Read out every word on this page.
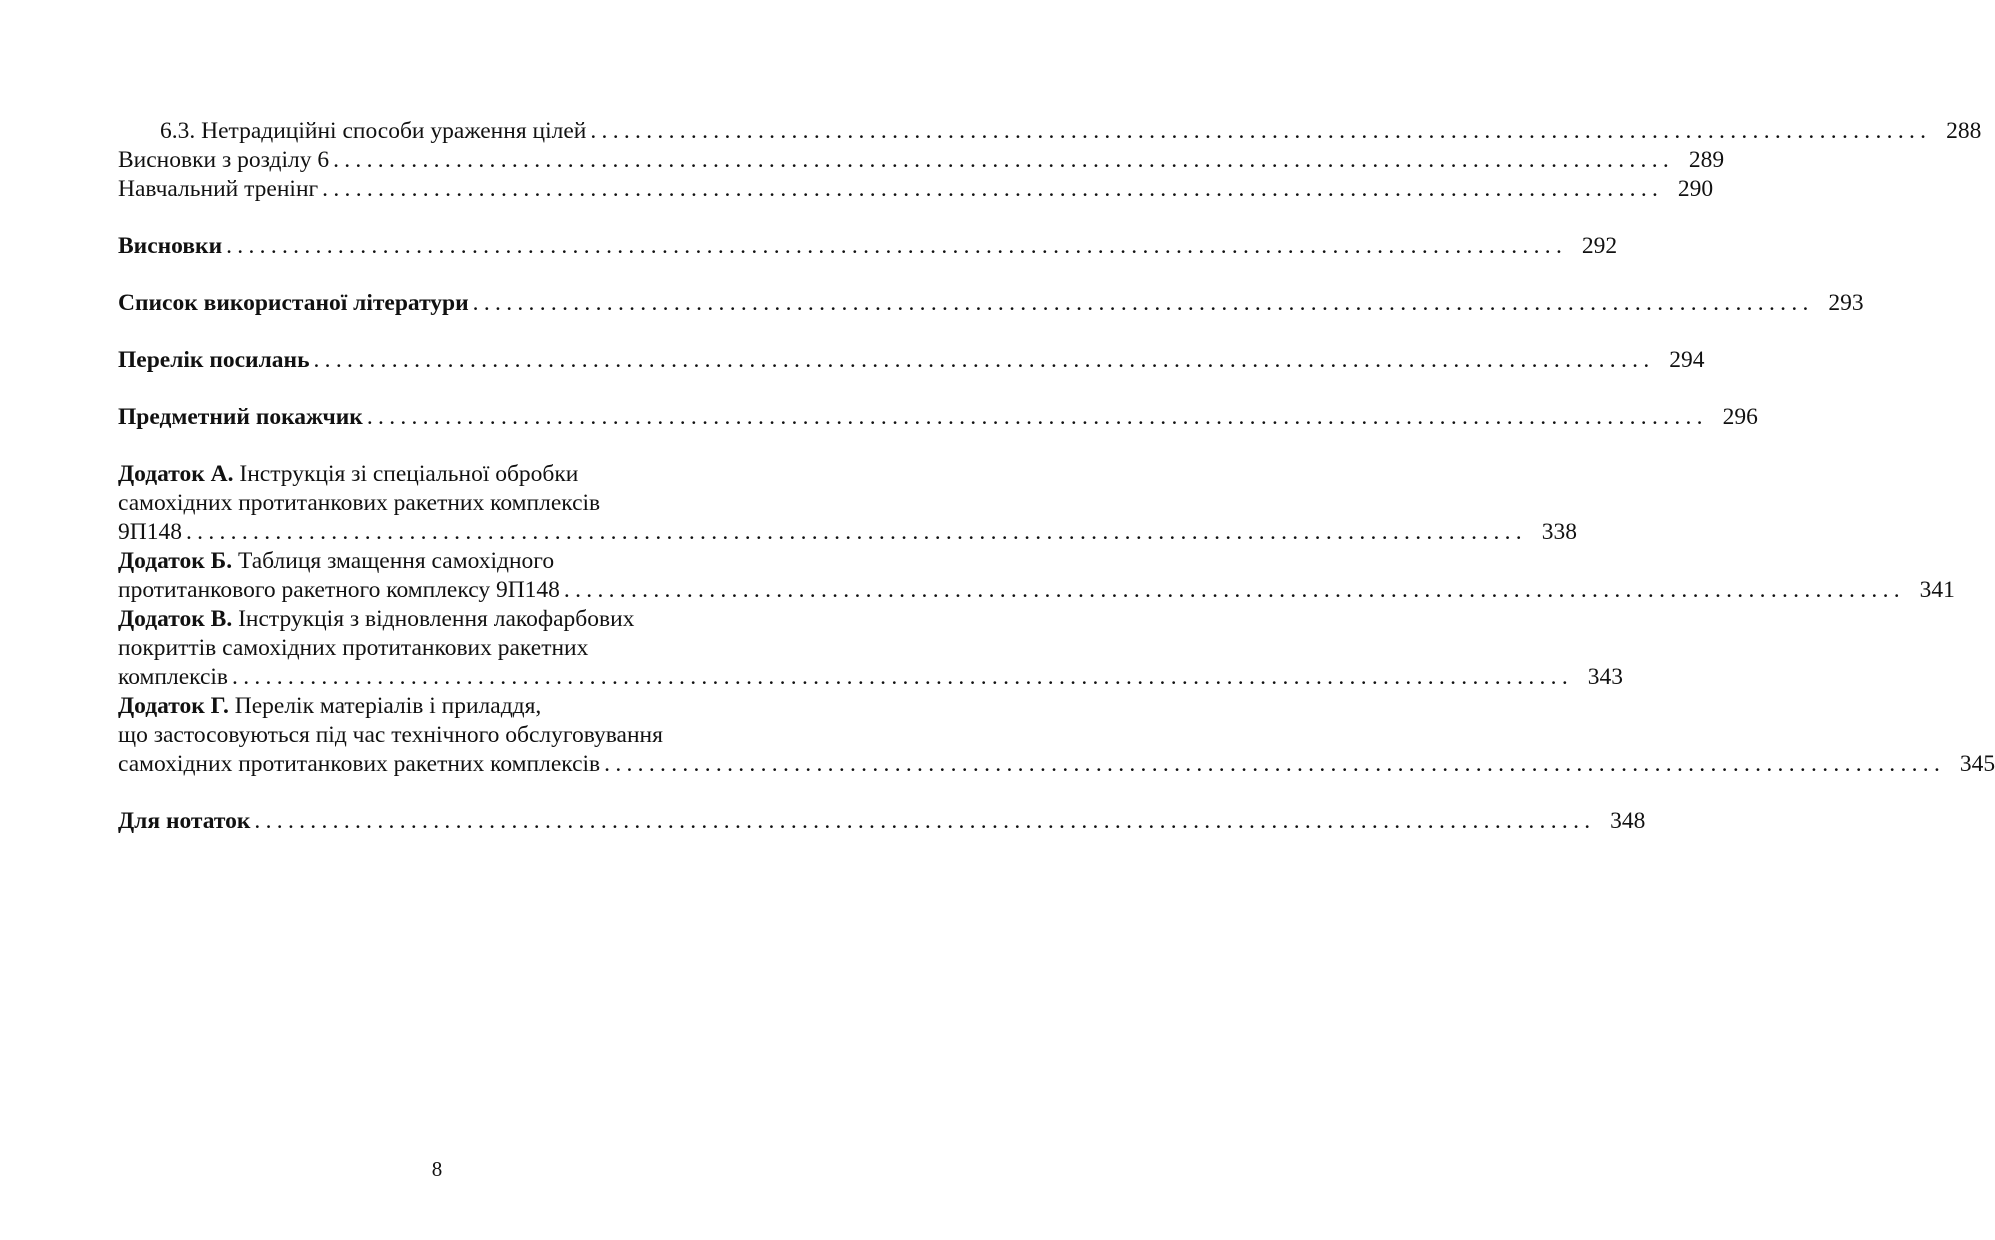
6.3. Нетрадиційні способи ураження цілей ........................................................................................................................ 288
Висновки з розділу 6 ........................................................................................................................ 289
Навчальний тренінг ........................................................................................................................ 290
Висновки ........................................................................................................................ 292
Список використаної літератури ........................................................................................................................ 293
Перелік посилань ........................................................................................................................ 294
Предметний покажчик ........................................................................................................................ 296
Додаток А. Інструкція зі спеціальної обробки
самохідних протитанкових ракетних комплексів
9П148 ........................................................................................................................ 338
Додаток Б. Таблиця змащення самохідного
протитанкового ракетного комплексу 9П148 ........................................................................................................................ 341
Додаток В. Інструкція з відновлення лакофарбових
покриттів самохідних протитанкових ракетних
комплексів ........................................................................................................................ 343
Додаток Г. Перелік матеріалів і приладдя,
що застосовуються під час технічного обслуговування
самохідних протитанкових ракетних комплексів ........................................................................................................................ 345
Для нотаток ........................................................................................................................ 348
8
